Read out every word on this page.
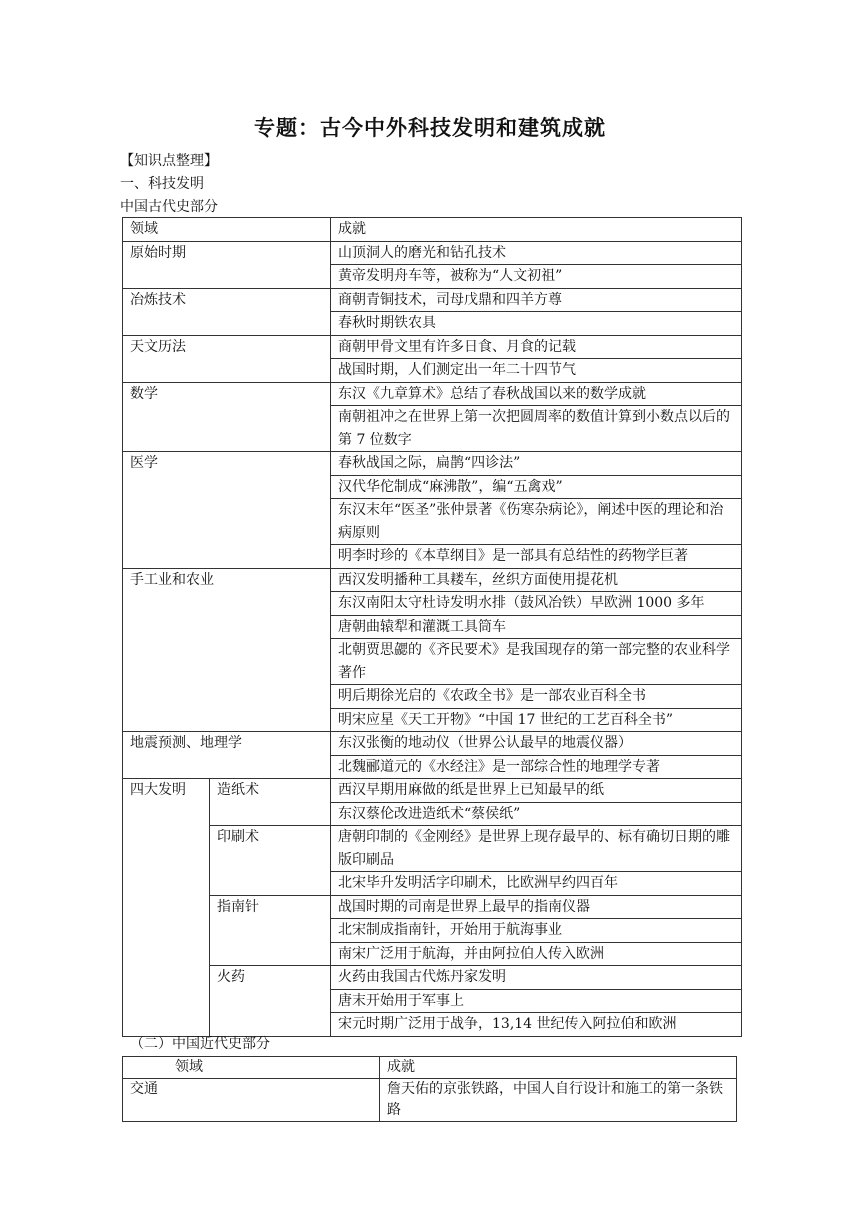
专题：古今中外科技发明和建筑成就
【知识点整理】
一、科技发明
中国古代史部分
领域		成就
原始时期		山顶洞人的磨光和钻孔技术
		黄帝发明舟车等，被称为“人文初祖”
冶炼技术		商朝青铜技术，司母戊鼎和四羊方尊
		春秋时期铁农具
天文历法		商朝甲骨文里有许多日食、月食的记载
		战国时期，人们测定出一年二十四节气
数学		东汉《九章算术》总结了春秋战国以来的数学成就
		南朝祖冲之在世界上第一次把圆周率的数值计算到小数点以后的第 7 位数字
医学		春秋战国之际，扁鹊“四诊法”
		汉代华佗制成“麻沸散”，编“五禽戏”
		东汉末年“医圣”张仲景著《伤寒杂病论》，阐述中医的理论和治病原则
		明李时珍的《本草纲目》是一部具有总结性的药物学巨著
手工业和农业		西汉发明播种工具耧车，丝织方面使用提花机
		东汉南阳太守杜诗发明水排（鼓风冶铁）早欧洲 1000 多年
		唐朝曲辕犁和灌溉工具筒车
		北朝贾思勰的《齐民要术》是我国现存的第一部完整的农业科学著作
		明后期徐光启的《农政全书》是一部农业百科全书
		明宋应星《天工开物》“中国 17 世纪的工艺百科全书”
地震预测、地理学		东汉张衡的地动仪（世界公认最早的地震仪器）
		北魏郦道元的《水经注》是一部综合性的地理学专著
四大发明	造纸术	西汉早期用麻做的纸是世界上已知最早的纸
		东汉蔡伦改进造纸术“蔡侯纸”
	印刷术	唐朝印制的《金刚经》是世界上现存最早的、标有确切日期的雕版印刷品
		北宋毕升发明活字印刷术，比欧洲早约四百年
	指南针	战国时期的司南是世界上最早的指南仪器
		北宋制成指南针，开始用于航海事业
		南宋广泛用于航海，并由阿拉伯人传入欧洲
	火药	火药由我国古代炼丹家发明
		唐末开始用于军事上
		宋元时期广泛用于战争，13,14 世纪传入阿拉伯和欧洲
（二）中国近代史部分
领域	成就
交通	詹天佑的京张铁路，中国人自行设计和施工的第一条铁路
